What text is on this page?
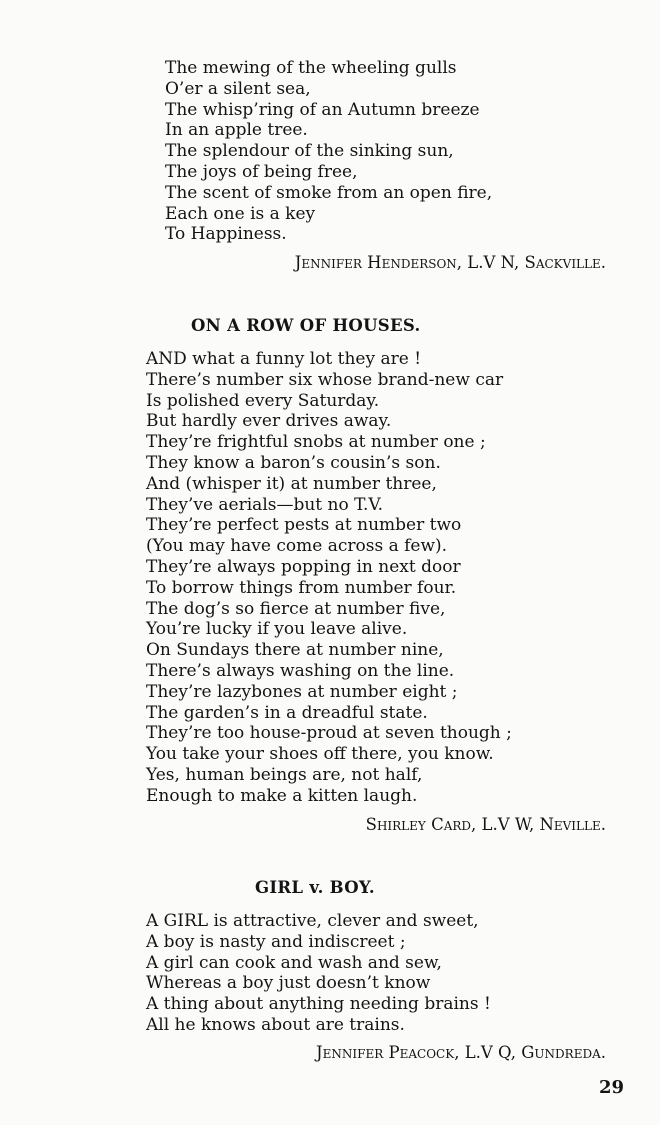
The mewing of the wheeling gulls
O’er a silent sea,
The whisp’ring of an Autumn breeze
In an apple tree.
The splendour of the sinking sun,
The joys of being free,
The scent of smoke from an open fire,
Each one is a key
To Happiness.
Jennifer Henderson, L.V N, Sackville.
ON A ROW OF HOUSES.
AND what a funny lot they are !
There’s number six whose brand-new car
Is polished every Saturday.
But hardly ever drives away.
They’re frightful snobs at number one ;
They know a baron’s cousin’s son.
And (whisper it) at number three,
They’ve aerials—but no T.V.
They’re perfect pests at number two
(You may have come across a few).
They’re always popping in next door
To borrow things from number four.
The dog’s so fierce at number five,
You’re lucky if you leave alive.
On Sundays there at number nine,
There’s always washing on the line.
They’re lazybones at number eight ;
The garden’s in a dreadful state.
They’re too house-proud at seven though ;
You take your shoes off there, you know.
Yes, human beings are, not half,
Enough to make a kitten laugh.
Shirley Card, L.V W, Neville.
GIRL v. BOY.
A GIRL is attractive, clever and sweet,
A boy is nasty and indiscreet ;
A girl can cook and wash and sew,
Whereas a boy just doesn’t know
A thing about anything needing brains !
All he knows about are trains.
Jennifer Peacock, L.V Q, Gundreda.
29
